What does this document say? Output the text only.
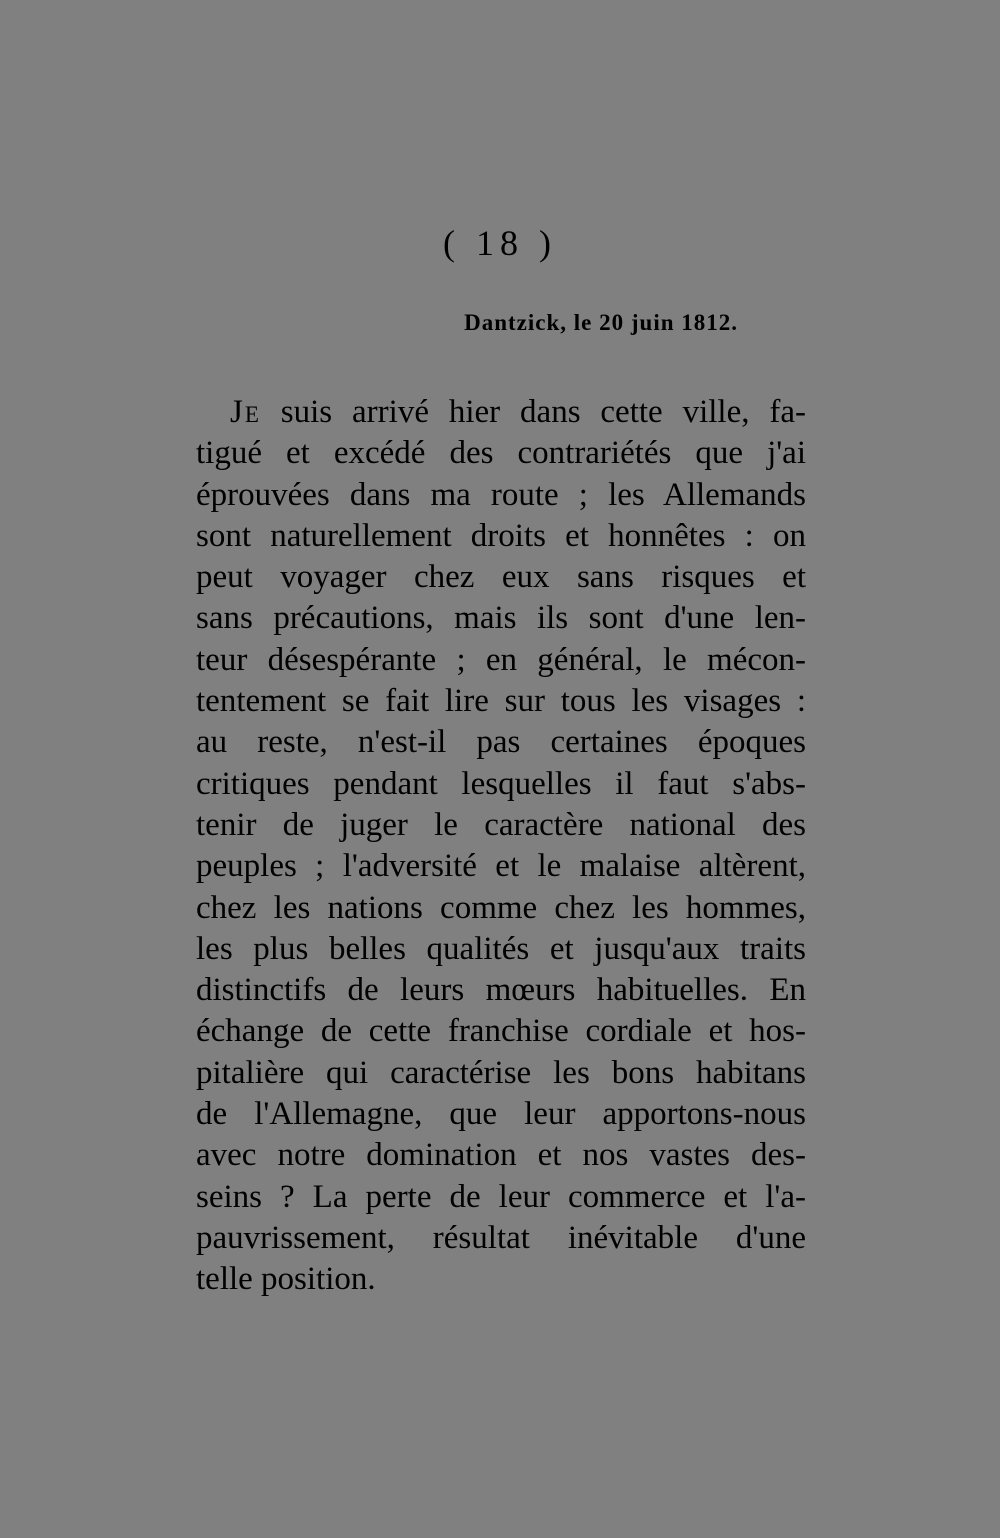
( 18 )
Dantzick, le 20 juin 1812.
JE suis arrivé hier dans cette ville, fa-
tigué et excédé des contrariétés que j'ai
éprouvées dans ma route ; les Allemands
sont naturellement droits et honnêtes : on
peut voyager chez eux sans risques et
sans précautions, mais ils sont d'une len-
teur désespérante ; en général, le mécon-
tentement se fait lire sur tous les visages :
au reste, n'est-il pas certaines époques
critiques pendant lesquelles il faut s'abs-
tenir de juger le caractère national des
peuples ; l'adversité et le malaise altèrent,
chez les nations comme chez les hommes,
les plus belles qualités et jusqu'aux traits
distinctifs de leurs mœurs habituelles. En
échange de cette franchise cordiale et hos-
pitalière qui caractérise les bons habitans
de l'Allemagne, que leur apportons-nous
avec notre domination et nos vastes des-
seins ? La perte de leur commerce et l'a-
pauvrissement, résultat inévitable d'une
telle position.
